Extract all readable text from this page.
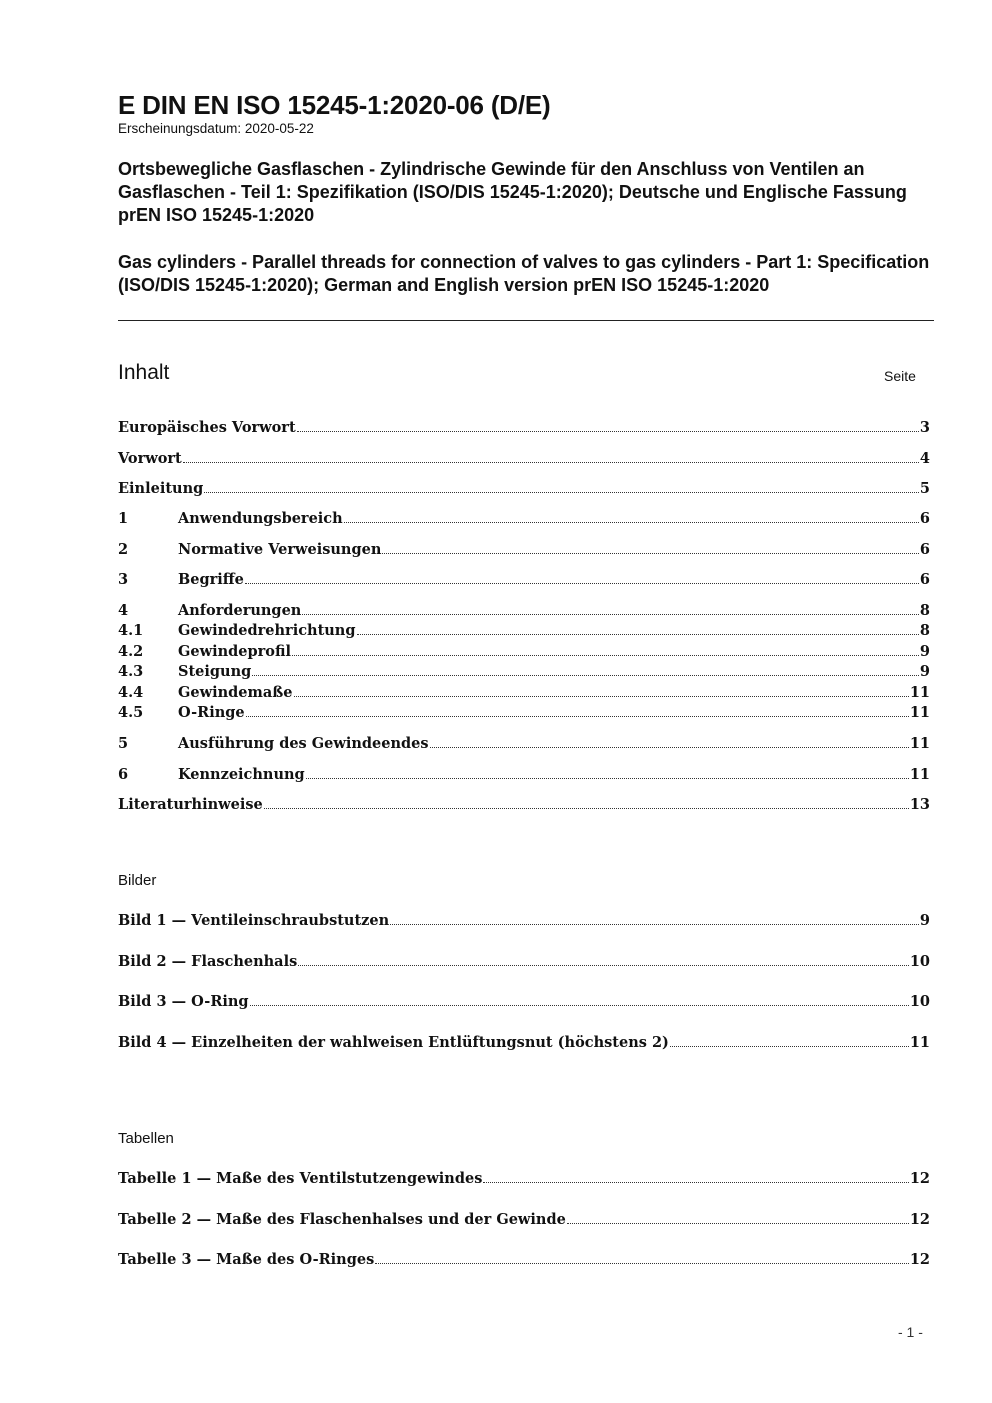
E DIN EN ISO 15245-1:2020-06 (D/E)
Erscheinungsdatum: 2020-05-22
Ortsbewegliche Gasflaschen - Zylindrische Gewinde für den Anschluss von Ventilen an Gasflaschen - Teil 1: Spezifikation (ISO/DIS 15245-1:2020); Deutsche und Englische Fassung prEN ISO 15245-1:2020
Gas cylinders - Parallel threads for connection of valves to gas cylinders - Part 1: Specification (ISO/DIS 15245-1:2020); German and English version prEN ISO 15245-1:2020
Inhalt	Seite
Europäisches Vorwort	3
Vorwort	4
Einleitung	5
1	Anwendungsbereich	6
2	Normative Verweisungen	6
3	Begriffe	6
4	Anforderungen	8
4.1	Gewindedrehrichtung	8
4.2	Gewindeprofil	9
4.3	Steigung	9
4.4	Gewindemaße	11
4.5	O-Ringe	11
5	Ausführung des Gewindeendes	11
6	Kennzeichnung	11
Literaturhinweise	13
Bilder
Bild 1 — Ventileinschraubstutzen	9
Bild 2 — Flaschenhals	10
Bild 3 — O-Ring	10
Bild 4 — Einzelheiten der wahlweisen Entlüftungsnut (höchstens 2)	11
Tabellen
Tabelle 1 — Maße des Ventilstutzengewindes	12
Tabelle 2 — Maße des Flaschenhalses und der Gewinde	12
Tabelle 3 — Maße des O-Ringes	12
- 1 -
